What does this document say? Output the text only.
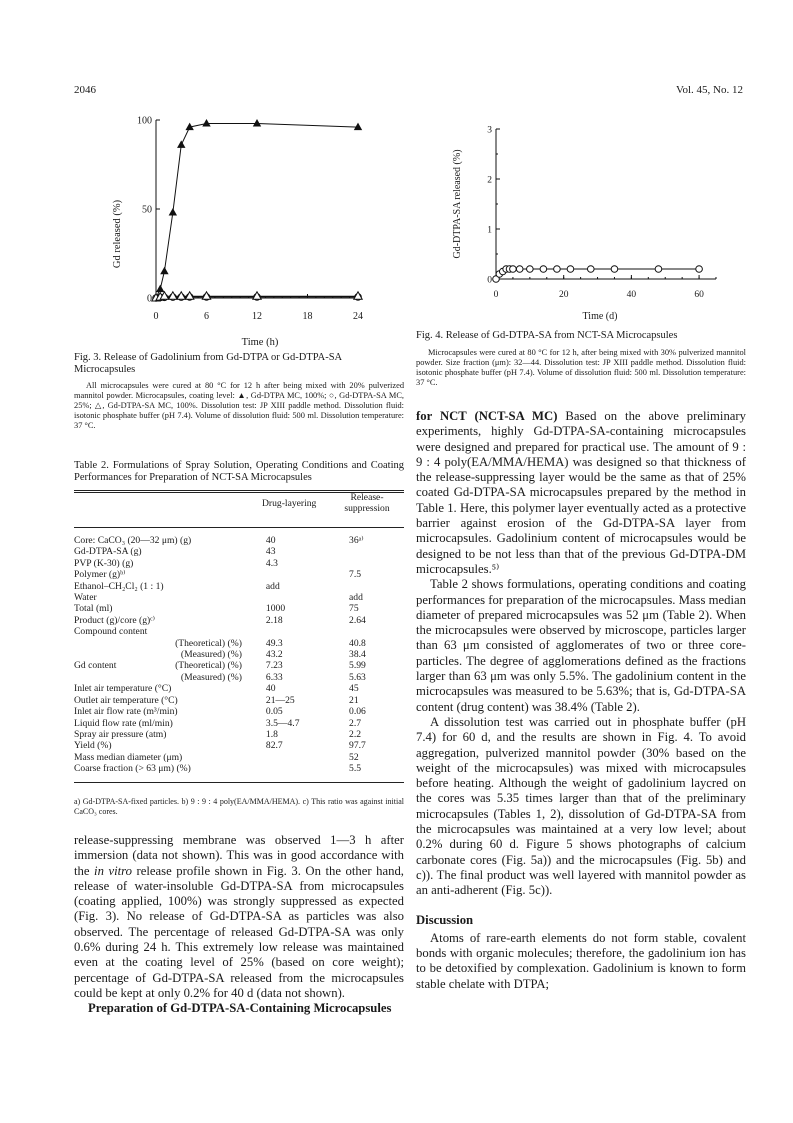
2046	Vol. 45, No. 12
0
50
100
0	6	12	18	24
Gd released (%)
Time (h)
Fig. 3. Release of Gadolinium from Gd-DTPA or Gd-DTPA-SA Microcapsules
All microcapsules were cured at 80 °C for 12 h after being mixed with 20% pulverized mannitol powder. Microcapsules, coating level: ▲, Gd-DTPA MC, 100%; ○, Gd-DTPA-SA MC, 25%; △, Gd-DTPA-SA MC, 100%. Dissolution test: JP XIII paddle method. Dissolution fluid: isotonic phosphate buffer (pH 7.4). Volume of dissolution fluid: 500 ml. Dissolution temperature: 37 °C.
0
1
2
3
0	20	40	60
Gd-DTPA-SA released (%)
Time (d)
Fig. 4. Release of Gd-DTPA-SA from NCT-SA Microcapsules
Microcapsules were cured at 80 °C for 12 h, after being mixed with 30% pulverized mannitol powder. Size fraction (μm): 32—44. Dissolution test: JP XIII paddle method. Dissolution fluid: isotonic phosphate buffer (pH 7.4). Volume of dissolution fluid: 500 ml. Dissolution temperature: 37 °C.
Table 2. Formulations of Spray Solution, Operating Conditions and Coating Performances for Preparation of NCT-SA Microcapsules
Drug-layering
Release-
suppression
Core: CaCO₃ (20—32 μm) (g)		40	36ᵃ⁾
Gd-DTPA-SA (g)		43	
PVP (K-30) (g)		4.3	
Polymer (g)ᵇ⁾			7.5
Ethanol–CH₂Cl₂ (1 : 1)		add	
Water			add
Total (ml)		1000	75
Product (g)/core (g)ᶜ⁾		2.18	2.64
Compound content			
	(Theoretical) (%)	49.3	40.8
	(Measured) (%)	43.2	38.4
Gd content	(Theoretical) (%)	7.23	5.99
	(Measured) (%)	6.33	5.63
Inlet air temperature (°C)		40	45
Outlet air temperature (°C)		21—25	21
Inlet air flow rate (m³/min)		0.05	0.06
Liquid flow rate (ml/min)		3.5—4.7	2.7
Spray air pressure (atm)		1.8	2.2
Yield (%)		82.7	97.7
Mass median diameter (μm)			52
Coarse fraction (> 63 μm) (%)			5.5
a) Gd-DTPA-SA-fixed particles. b) 9 : 9 : 4 poly(EA/MMA/HEMA). c) This ratio was against initial CaCO₃ cores.

release-suppressing membrane was observed 1—3 h after immersion (data not shown). This was in good accordance with the in vitro release profile shown in Fig. 3. On the other hand, release of water-insoluble Gd-DTPA-SA from microcapsules (coating applied, 100%) was strongly suppressed as expected (Fig. 3). No release of Gd-DTPA-SA as particles was also observed. The percentage of released Gd-DTPA-SA was only 0.6% during 24 h. This extremely low release was maintained even at the coating level of 25% (based on core weight); percentage of Gd-DTPA-SA released from the microcapsules could be kept at only 0.2% for 40 d (data not shown).

Preparation of Gd-DTPA-SA-Containing Microcapsules

for NCT (NCT-SA MC) Based on the above preliminary experiments, highly Gd-DTPA-SA-containing microcapsules were designed and prepared for practical use. The amount of 9 : 9 : 4 poly(EA/MMA/HEMA) was designed so that thickness of the release-suppressing layer would be the same as that of 25% coated Gd-DTPA-SA microcapsules prepared by the method in Table 1. Here, this polymer layer eventually acted as a protective barrier against erosion of the Gd-DTPA-SA layer from microcapsules. Gadolinium content of microcapsules would be designed to be not less than that of the previous Gd-DTPA-DM microcapsules.⁵⁾

Table 2 shows formulations, operating conditions and coating performances for preparation of the microcapsules. Mass median diameter of prepared microcapsules was 52 μm (Table 2). When the microcapsules were observed by microscope, particles larger than 63 μm consisted of agglomerates of two or three core-particles. The degree of agglomerations defined as the fractions larger than 63 μm was only 5.5%. The gadolinium content in the microcapsules was measured to be 5.63%; that is, Gd-DTPA-SA content (drug content) was 38.4% (Table 2).

A dissolution test was carried out in phosphate buffer (pH 7.4) for 60 d, and the results are shown in Fig. 4. To avoid aggregation, pulverized mannitol powder (30% based on the weight of the microcapsules) was mixed with microcapsules before heating. Although the weight of gadolinium laycred on the cores was 5.35 times larger than that of the preliminary microcapsules (Tables 1, 2), dissolution of Gd-DTPA-SA from the microcapsules was maintained at a very low level; about 0.2% during 60 d. Figure 5 shows photographs of calcium carbonate cores (Fig. 5a)) and the microcapsules (Fig. 5b) and c)). The final product was well layered with mannitol powder as an anti-adherent (Fig. 5c)).

Discussion

Atoms of rare-earth elements do not form stable, covalent bonds with organic molecules; therefore, the gadolinium ion has to be detoxified by complexation. Gadolinium is known to form stable chelate with DTPA;
